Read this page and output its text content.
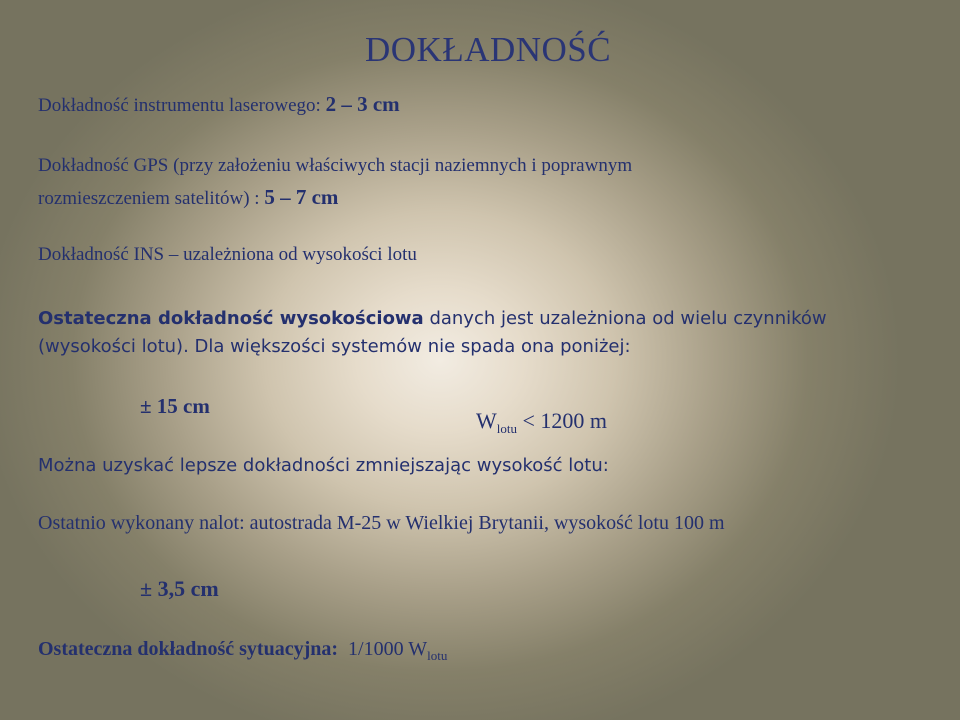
DOKŁADNOŚĆ
Dokładność instrumentu laserowego: 2 – 3 cm
Dokładność GPS (przy założeniu właściwych stacji naziemnych i poprawnym
rozmieszczeniem satelitów) : 5 – 7 cm
Dokładność INS – uzależniona od wysokości lotu
Ostateczna dokładność wysokościowa danych jest uzależniona od wielu czynników
(wysokości lotu). Dla większości systemów nie spada ona poniżej:
± 15 cm
$W_{lotu} < 1200$ m
Można uzyskać lepsze dokładności zmniejszając wysokość lotu:
Ostatnio wykonany nalot: autostrada M-25 w Wielkiej Brytanii, wysokość lotu 100 m
± 3,5 cm
Ostateczna dokładność sytuacyjna:  1/1000 $W_{lotu}$
